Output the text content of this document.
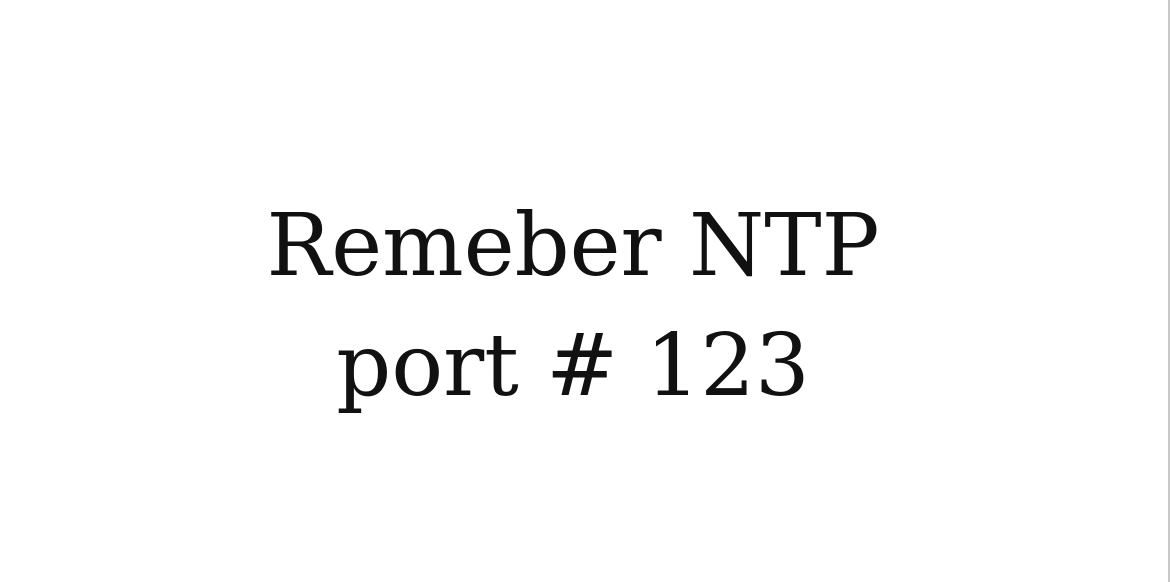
Remeber NTP
port # 123
